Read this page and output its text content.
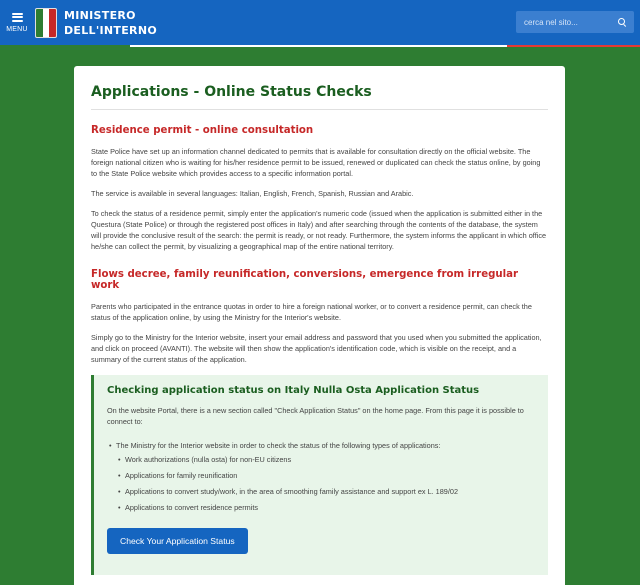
MENU
MINISTERO
DELL'INTERNO
cerca nel sito...
Applications - Online Status Checks
Residence permit - online consultation

State Police have set up an information channel dedicated to permits that is available for consultation directly on the official website. The foreign national citizen who is waiting for his/her residence permit to be issued, renewed or duplicated can check the status online, by going to the State Police website which provides access to a specific information portal.

The service is available in several languages: Italian, English, French, Spanish, Russian and Arabic.

To check the status of a residence permit, simply enter the application's numeric code (issued when the application is submitted either in the Questura (State Police) or through the registered post offices in Italy) and after searching through the contents of the database, the system will provide the conclusive result of the search: the permit is ready, or not ready. Furthermore, the system informs the applicant in which office he/she can collect the permit, by visualizing a geographical map of the entire national territory.

Flows decree, family reunification, conversions, emergence from irregular work

Parents who participated in the entrance quotas in order to hire a foreign national worker, or to convert a residence permit, can check the status of the application online, by using the Ministry for the Interior's website.

Simply go to the Ministry for the Interior website, insert your email address and password that you used when you submitted the application, and click on proceed (AVANTI). The website will then show the application's identification code, which is visible on the receipt, and a summary of the current status of the application.

Checking application status on Italy Nulla Osta Application Status

On the website Portal, there is a new section called "Check Application Status" on the home page. From this page it is possible to connect to:

• The Ministry for the Interior website in order to check the status of the following types of applications:
• Work authorizations (nulla osta) for non-EU citizens
• Applications for family reunification
• Applications to convert study/work, in the area of smoothing family assistance and support ex L. 189/02
• Applications to convert residence permits
Check Your Application Status
